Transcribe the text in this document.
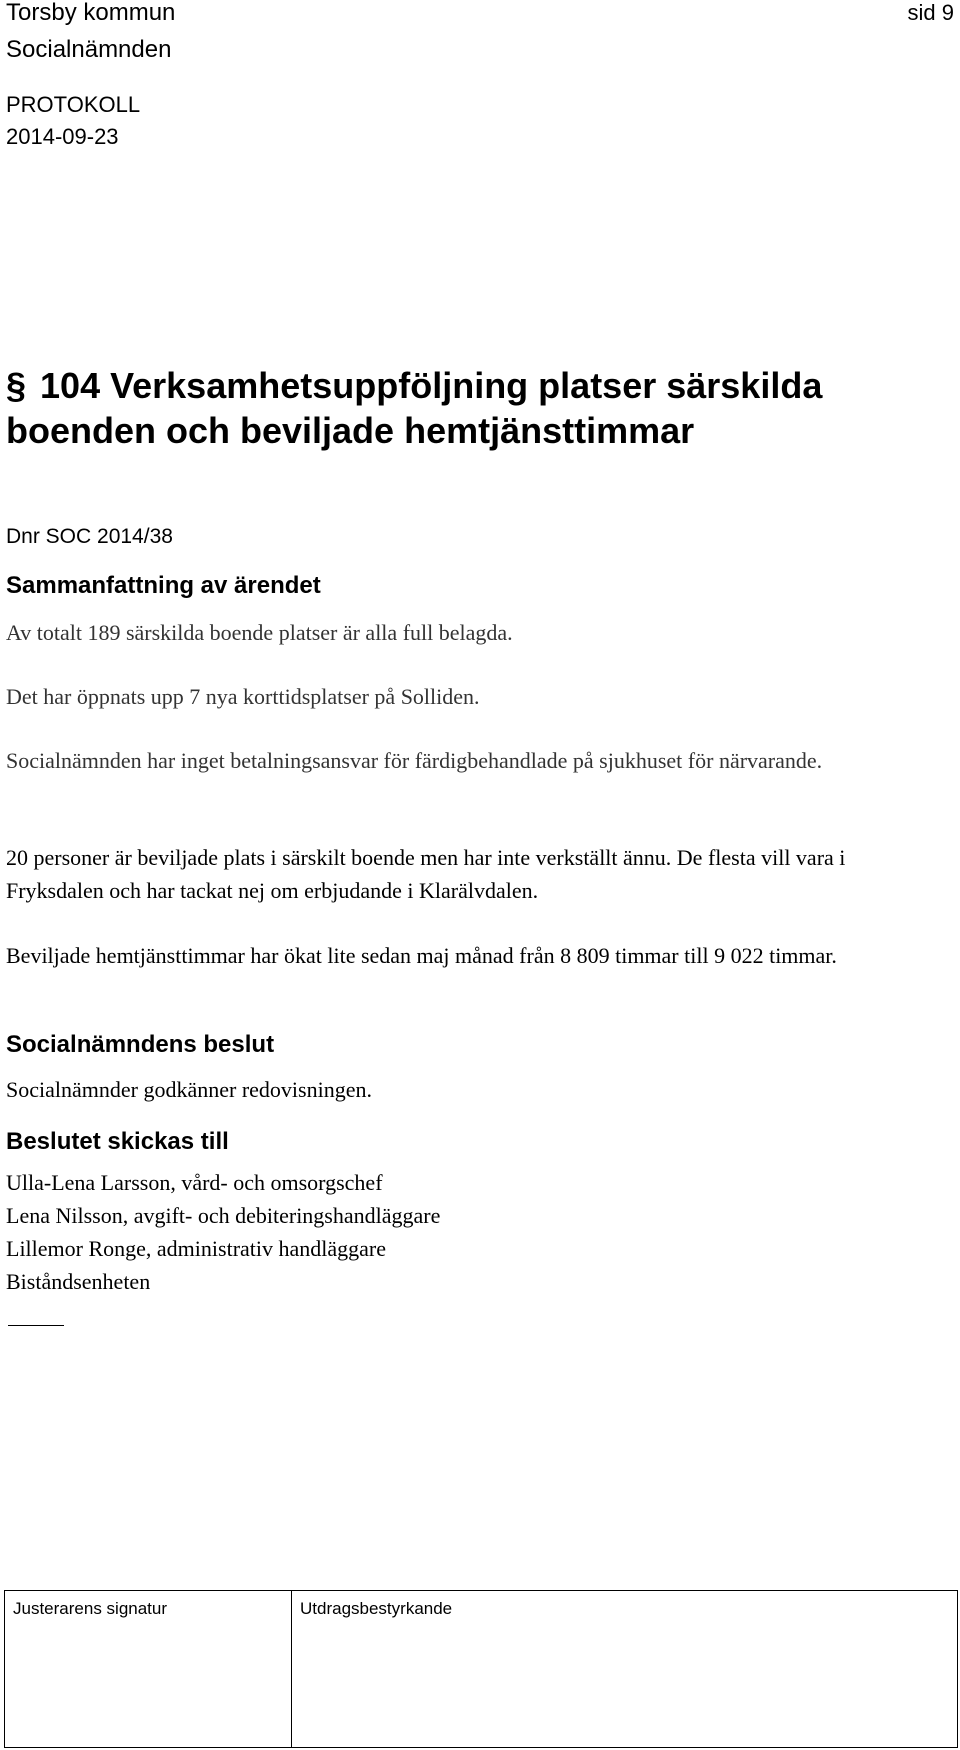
Torsby kommun	sid 9
Socialnämnden
PROTOKOLL
2014-09-23
§ 104 Verksamhetsuppföljning platser särskilda boenden och beviljade hemtjänsttimmar
Dnr SOC 2014/38
Sammanfattning av ärendet
Av totalt 189 särskilda boende platser är alla full belagda.
Det har öppnats upp 7 nya korttidsplatser på Solliden.
Socialnämnden har inget betalningsansvar för färdigbehandlade på sjukhuset för närvarande.
20 personer är beviljade plats i särskilt boende men har inte verkställt ännu. De flesta vill vara i Fryksdalen och har tackat nej om erbjudande i Klarälvdalen.
Beviljade hemtjänsttimmar har ökat lite sedan maj månad från 8 809 timmar till 9 022 timmar.
Socialnämndens beslut
Socialnämnder godkänner redovisningen.
Beslutet skickas till
Ulla-Lena Larsson, vård- och omsorgschef
Lena Nilsson, avgift- och debiteringshandläggare
Lillemor Ronge, administrativ handläggare
Biståndsenheten
Justerarens signatur	Utdragsbestyrkande
